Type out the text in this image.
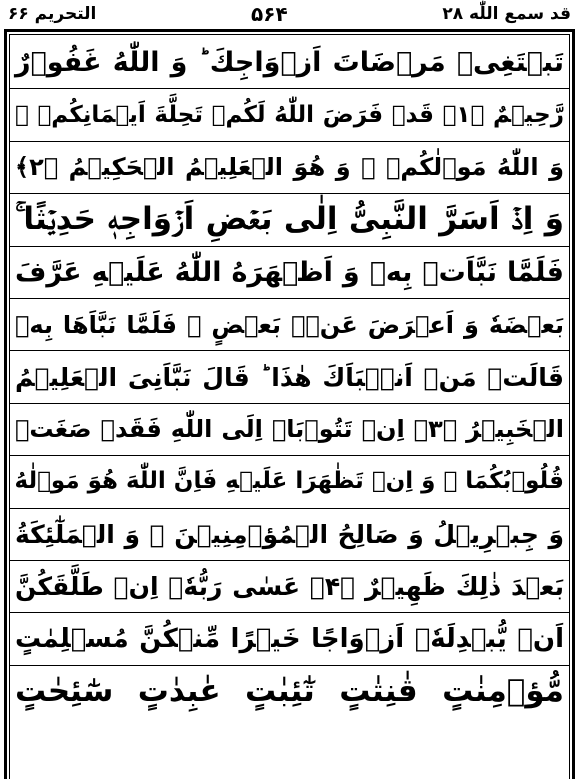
التحریم ۶۶	۵۶۴	قد سمع اللّٰه ۲۸
تَبۡتَغِیۡ مَرۡضَاتَ اَزۡوَاجِكَ ؕ وَ اللّٰهُ غَفُوۡرٌ
رَّحِیۡمٌ ﴿۱﴾ قَدۡ فَرَضَ اللّٰهُ لَكُمۡ تَحِلَّةَ اَیۡمَانِكُمۡ ۚ
وَ اللّٰهُ مَوۡلٰكُمۡ ۚ وَ هُوَ الۡعَلِیۡمُ الۡحَكِیۡمُ ﴿۲﴾
وَ اِذۡ اَسَرَّ النَّبِیُّ اِلٰی بَعۡضِ اَزۡوَاجِهٖ حَدِیۡثًا ۚ
فَلَمَّا نَبَّاَتۡ بِهٖ وَ اَظۡهَرَهُ اللّٰهُ عَلَیۡهِ عَرَّفَ
بَعۡضَهٗ وَ اَعۡرَضَ عَنۡۢ بَعۡضٍ ۚ فَلَمَّا نَبَّاَهَا بِهٖ
قَالَتۡ مَنۡ اَنۡۢبَاَكَ هٰذَا ؕ قَالَ نَبَّاَنِیَ الۡعَلِیۡمُ
الۡخَبِیۡرُ ﴿۳﴾ اِنۡ تَتُوۡبَاۤ اِلَی اللّٰهِ فَقَدۡ صَغَتۡ
قُلُوۡبُكُمَا ۚ وَ اِنۡ تَظٰهَرَا عَلَیۡهِ فَاِنَّ اللّٰهَ هُوَ مَوۡلٰهُ
وَ جِبۡرِیۡلُ وَ صَالِحُ الۡمُؤۡمِنِیۡنَ ۚ وَ الۡمَلٰٓئِكَةُ
بَعۡدَ ذٰلِكَ ظَهِیۡرٌ ﴿۴﴾ عَسٰی رَبُّهٗۤ اِنۡ طَلَّقَكُنَّ
اَنۡ یُّبۡدِلَهٗۤ اَزۡوَاجًا خَیۡرًا مِّنۡكُنَّ مُسۡلِمٰتٍ
مُّؤۡمِنٰتٍ قٰنِتٰتٍ تٰٓئِبٰتٍ عٰبِدٰتٍ سٰٓئِحٰتٍ
